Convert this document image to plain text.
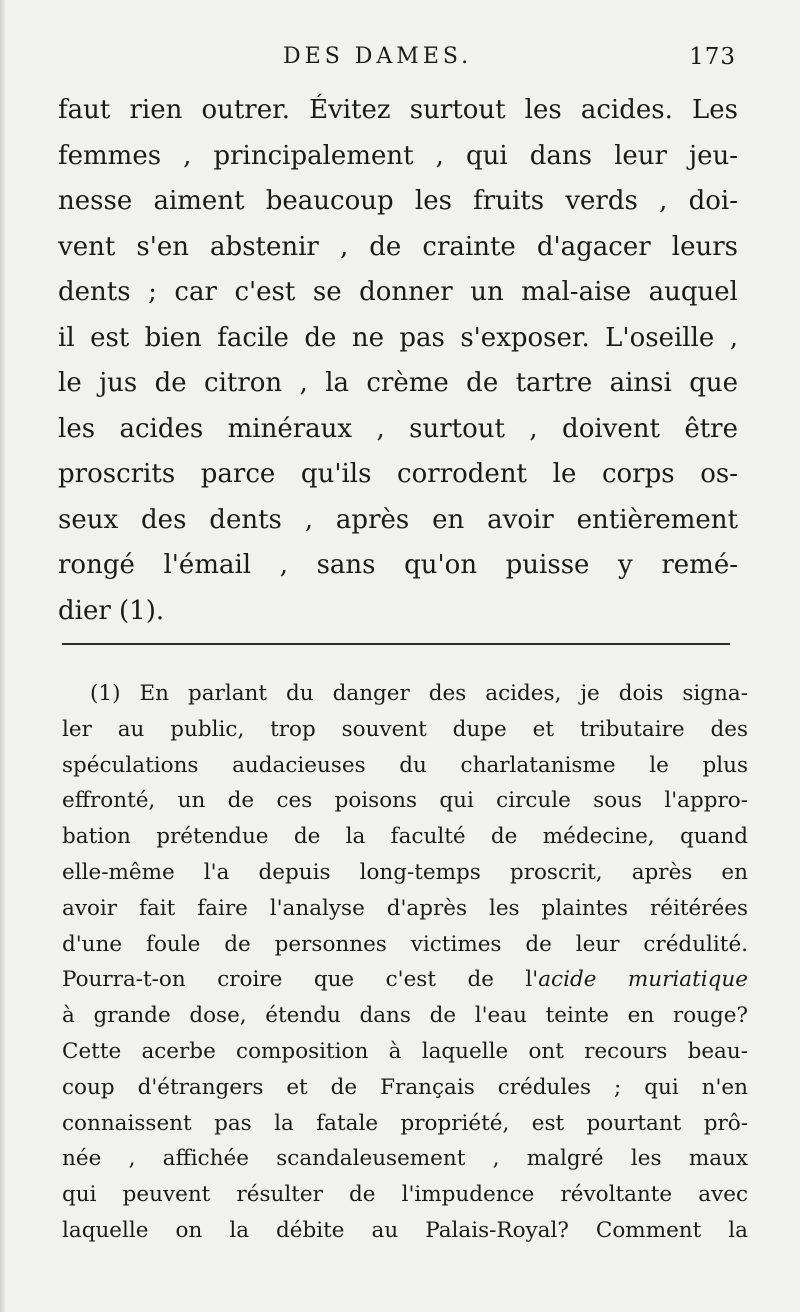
DES DAMES.	173

faut rien outrer. Évitez surtout les acides. Les
femmes , principalement , qui dans leur jeu-
nesse aiment beaucoup les fruits verds , doi-
vent s'en abstenir , de crainte d'agacer leurs
dents ; car c'est se donner un mal-aise auquel
il est bien facile de ne pas s'exposer. L'oseille ,
le jus de citron , la crème de tartre ainsi que
les acides minéraux , surtout , doivent être
proscrits parce qu'ils corrodent le corps os-
seux des dents , après en avoir entièrement
rongé l'émail , sans qu'on puisse y remé-
dier (1).

(1) En parlant du danger des acides, je dois signa-
ler au public, trop souvent dupe et tributaire des
spéculations audacieuses du charlatanisme le plus
effronté, un de ces poisons qui circule sous l'appro-
bation prétendue de la faculté de médecine, quand
elle-même l'a depuis long-temps proscrit, après en
avoir fait faire l'analyse d'après les plaintes réitérées
d'une foule de personnes victimes de leur crédulité.
Pourra-t-on croire que c'est de l'acide muriatique
à grande dose, étendu dans de l'eau teinte en rouge?
Cette acerbe composition à laquelle ont recours beau-
coup d'étrangers et de Français crédules ; qui n'en
connaissent pas la fatale propriété, est pourtant prô-
née , affichée scandaleusement , malgré les maux
qui peuvent résulter de l'impudence révoltante avec
laquelle on la débite au Palais-Royal? Comment la
